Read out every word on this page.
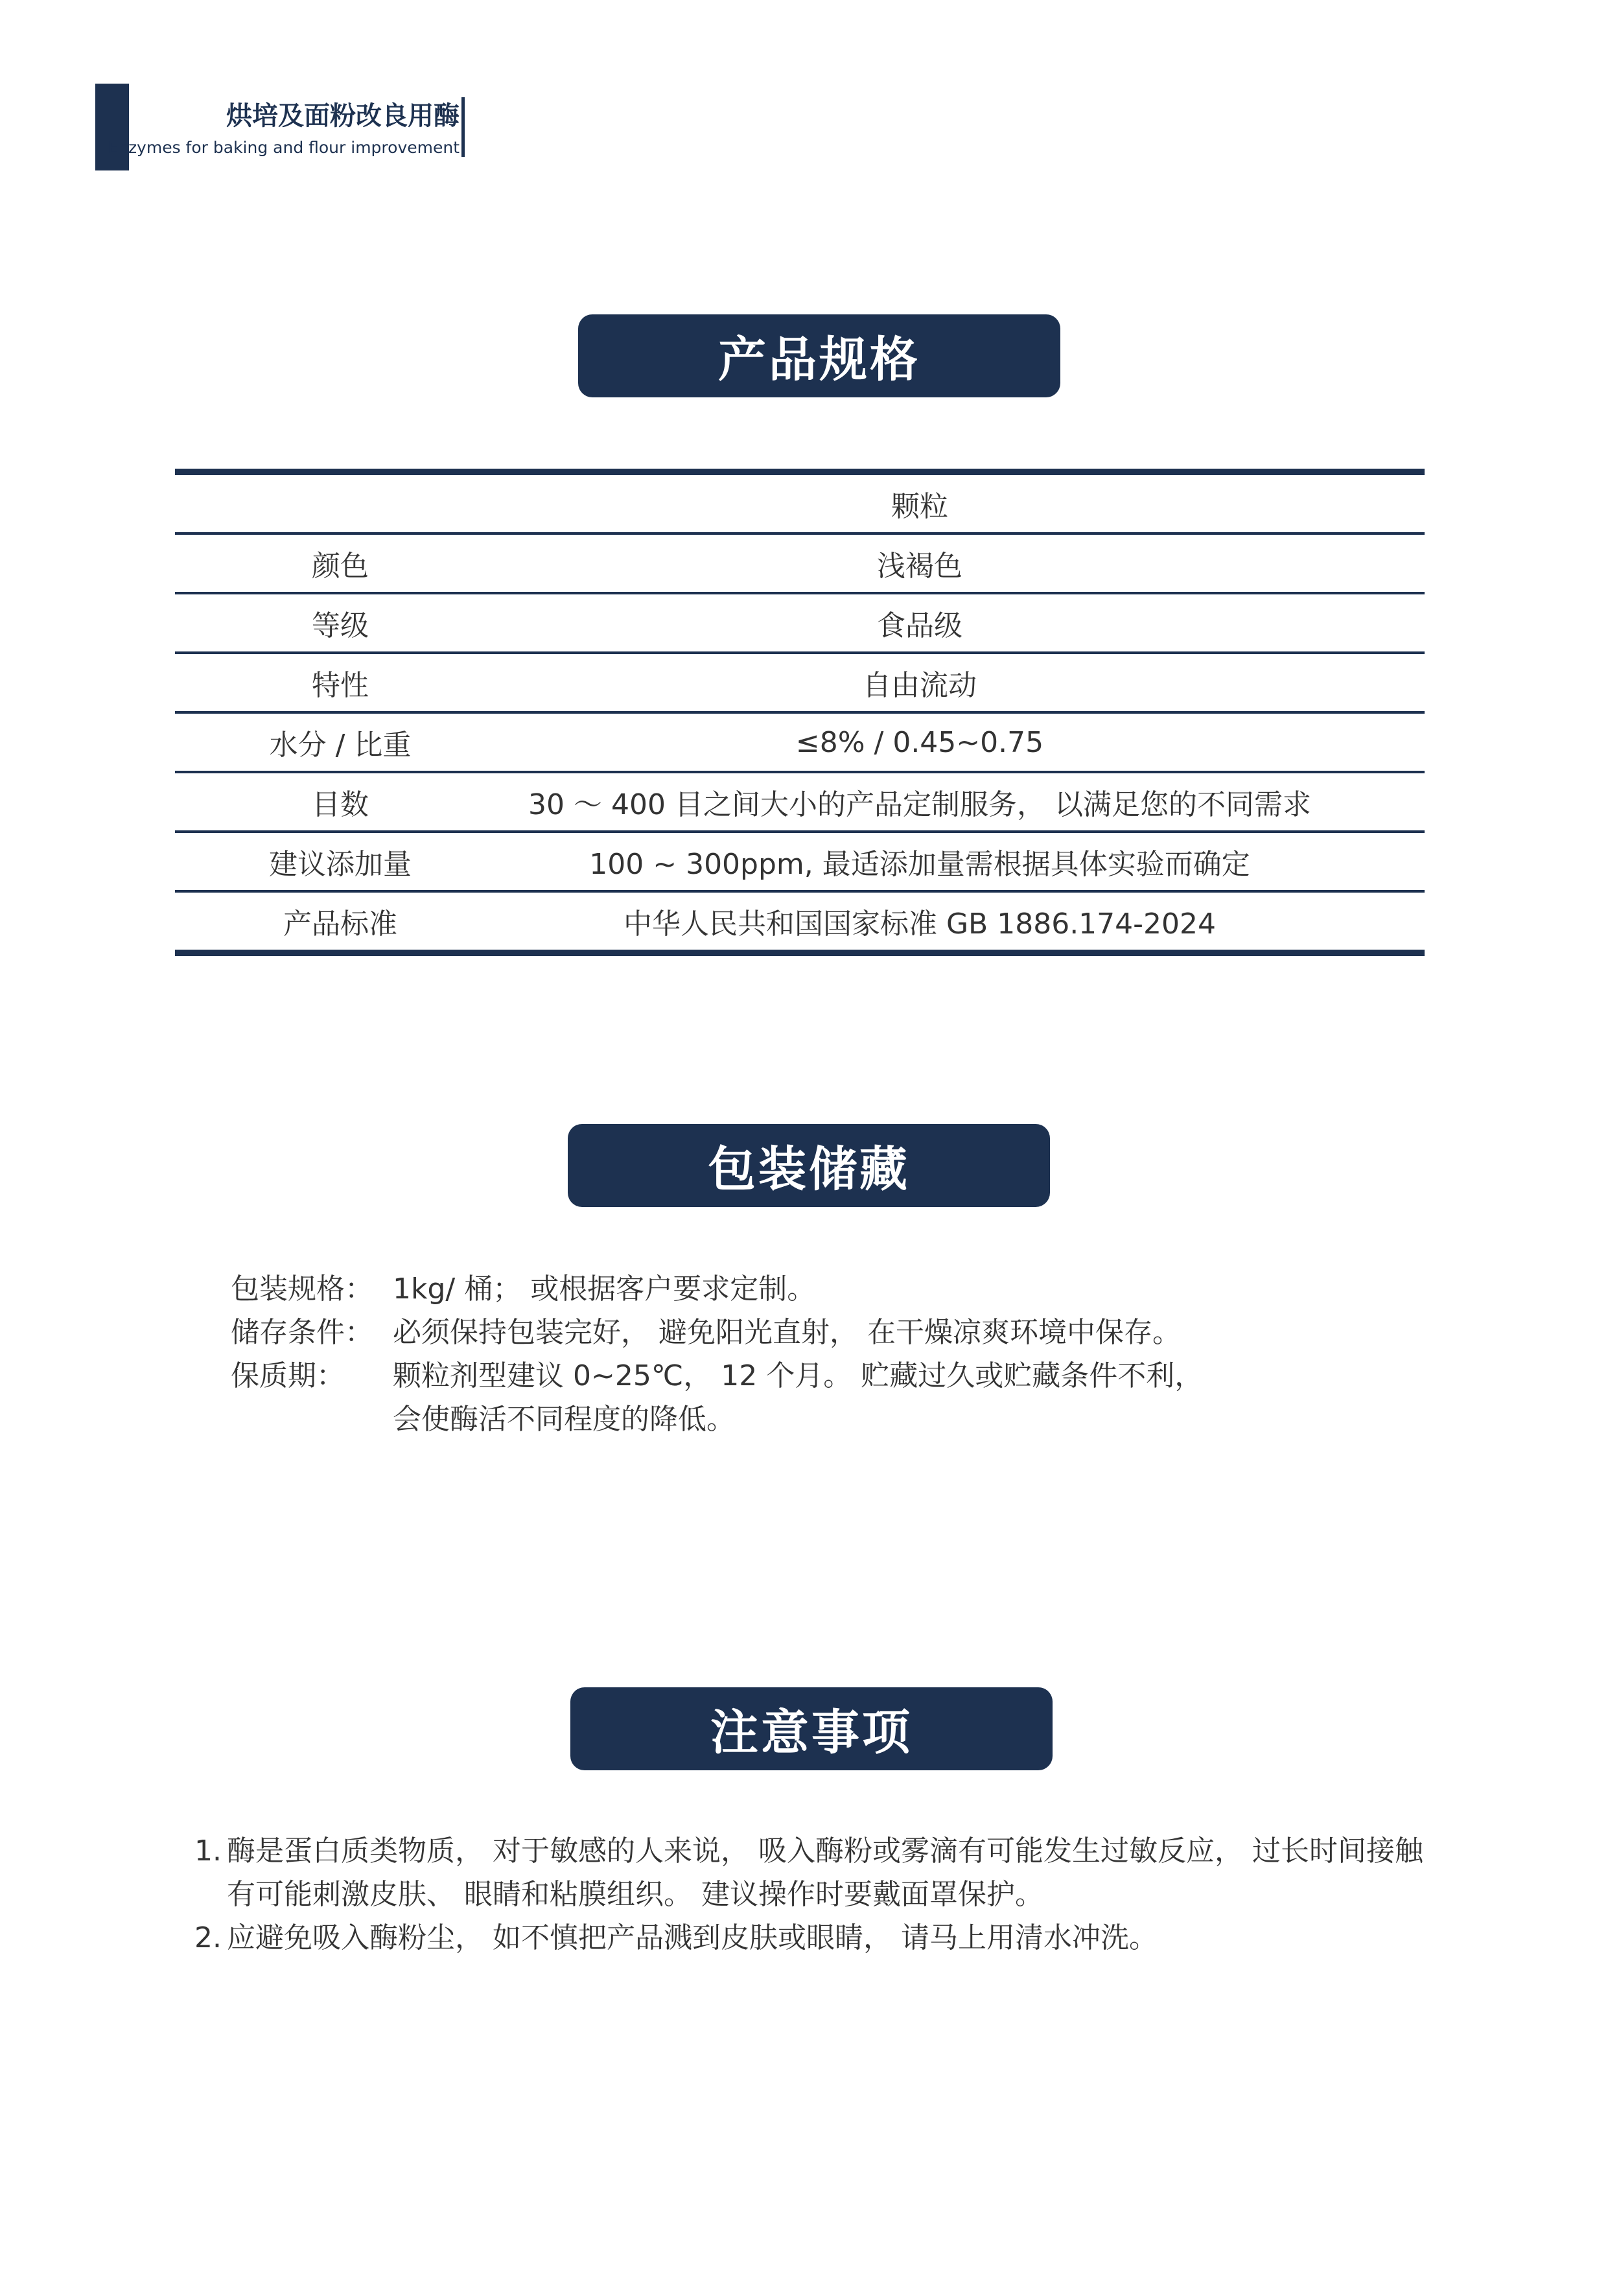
烘培及面粉改良用酶
Enzymes for baking and flour improvement
产品规格
颗粒
颜色	浅褐色
等级	食品级
特性	自由流动
水分 / 比重	≤8% / 0.45~0.75
目数	30 ～ 400 目之间大小的产品定制服务， 以满足您的不同需求
建议添加量	100 ~ 300ppm, 最适添加量需根据具体实验而确定
产品标准	中华人民共和国国家标准 GB 1886.174-2024
包装储藏
包装规格： 1kg/ 桶； 或根据客户要求定制。
储存条件： 必须保持包装完好， 避免阳光直射， 在干燥凉爽环境中保存。
保质期： 颗粒剂型建议 0~25℃， 12 个月。 贮藏过久或贮藏条件不利，
会使酶活不同程度的降低。
注意事项
1. 酶是蛋白质类物质， 对于敏感的人来说， 吸入酶粉或雾滴有可能发生过敏反应， 过长时间接触
有可能刺激皮肤、 眼睛和粘膜组织。 建议操作时要戴面罩保护。
2. 应避免吸入酶粉尘， 如不慎把产品溅到皮肤或眼睛， 请马上用清水冲洗。
